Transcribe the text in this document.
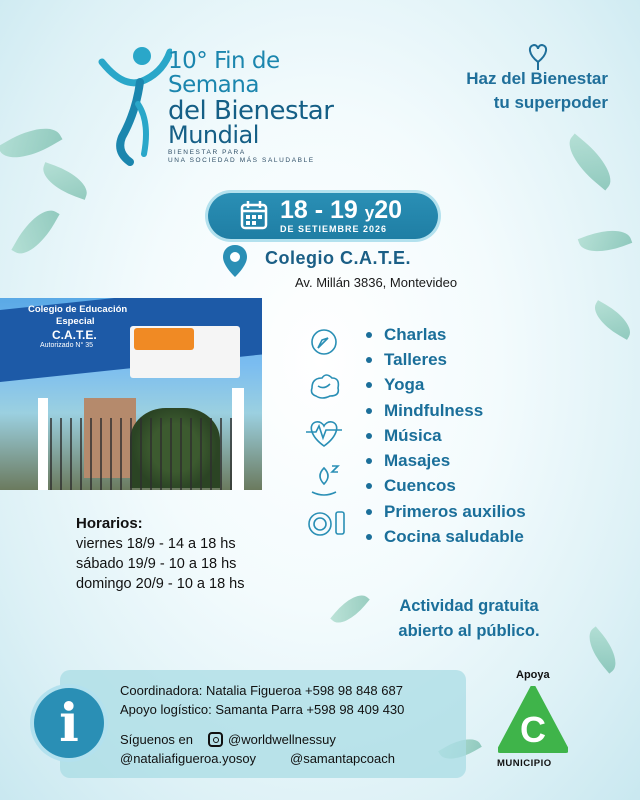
10° Fin de
Semana
del Bienestar
Mundial
BIENESTAR PARA
UNA SOCIEDAD MÁS SALUDABLE
Haz del Bienestar
tu superpoder
18 - 19 y20
DE SETIEMBRE 2026
Colegio C.A.T.E.
Av. Millán 3836, Montevideo
Colegio de Educación
Especial
C.A.T.E.
Autorizado N° 35
Charlas
Talleres
Yoga
Mindfulness
Música
Masajes
Cuencos
Primeros auxilios
Cocina saludable
Horarios:
viernes 18/9 - 14 a 18 hs
sábado 19/9 - 10 a 18 hs
domingo 20/9 - 10 a 18 hs
Actividad gratuita
abierto al público.
i
Coordinadora: Natalia Figueroa +598 98 848 687
Apoyo logístico: Samanta Parra +598 98 409 430
Síguenos en	@worldwellnessuy
@nataliafigueroa.yosoy	@samantapcoach
Apoya
C
MUNICIPIO
